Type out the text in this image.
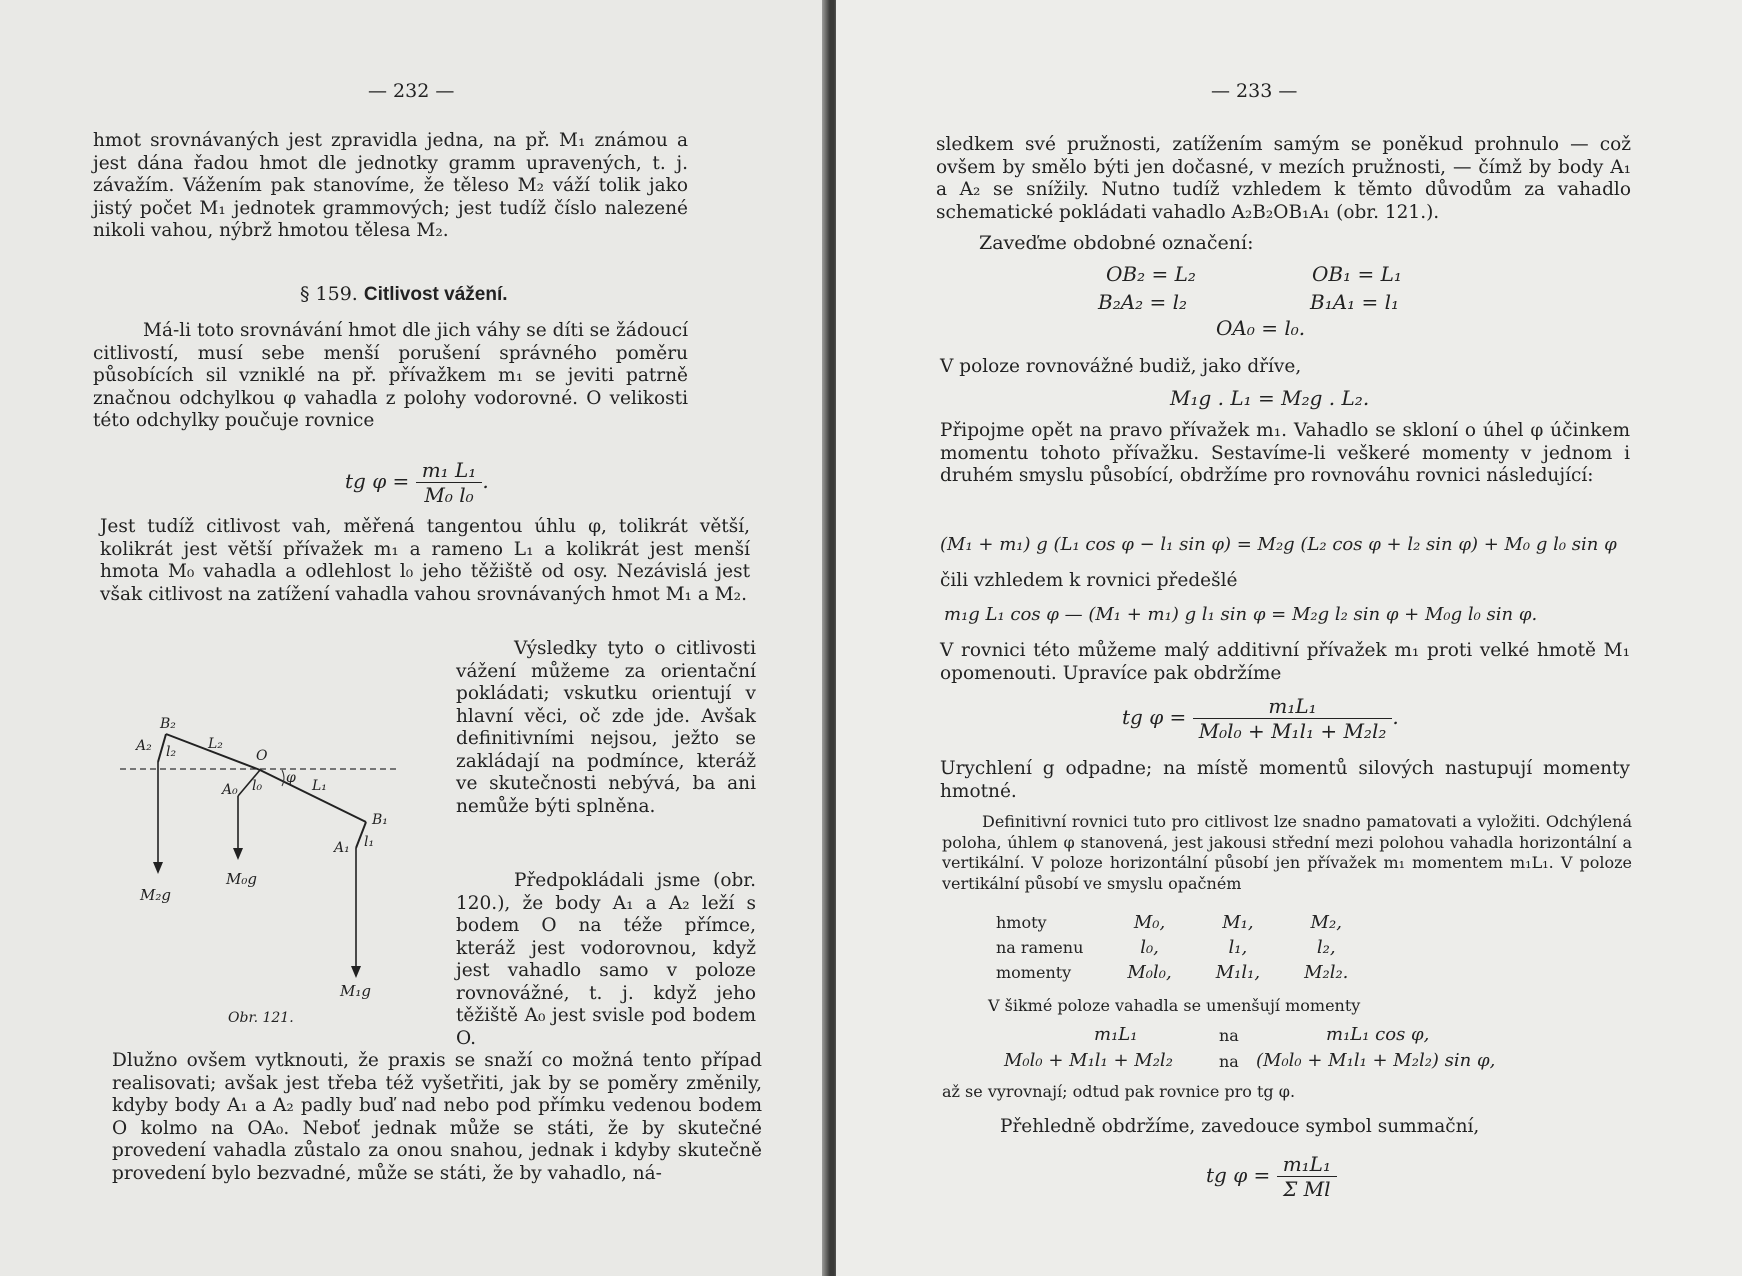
— 232 —
hmot srovnávaných jest zpravidla jedna, na př. M₁ známou a jest dána řadou hmot dle jednotky gramm upravených, t. j. závažím. Vážením pak stanovíme, že těleso M₂ váží tolik jako jistý počet M₁ jednotek grammových; jest tudíž číslo nalezené nikoli vahou, nýbrž hmotou tělesa M₂.
§ 159. Citlivost vážení.
Má-li toto srovnávání hmot dle jich váhy se díti se žádoucí citlivostí, musí sebe menší porušení správného poměru působících sil vzniklé na př. přívažkem m₁ se jeviti patrně značnou odchylkou φ vahadla z polohy vodorovné. O velikosti této odchylky poučuje rovnice
tg $\varphi = \frac{\text{m₁ L₁}}{\text{M₀ l₀}}$ .
Jest tudíž citlivost vah, měřená tangentou úhlu φ, tolikrát větší, kolikrát jest větší přívažek m₁ a rameno L₁ a kolikrát jest menší hmota M₀ vahadla a odlehlost l₀ jeho těžiště od osy. Nezávislá jest však citlivost na zatížení vahadla vahou srovnávaných hmot M₁ a M₂.
Výsledky tyto o citlivosti vážení můžeme za orientační pokládati; vskutku orientují v hlavní věci, oč zde jde. Avšak definitivními nejsou, ježto se zakládají na podmínce, kteráž ve skutečnosti nebývá, ba ani nemůže býti splněna.
Předpokládali jsme (obr. 120.), že body A₁ a A₂ leží s bodem O na téže přímce, kteráž jest vodorovnou, když jest vahadlo samo v poloze rovnovážné, t. j. když jeho těžiště A₀ jest svisle pod bodem O.
B₂
A₂ l₂ L₂
O
φ
A₀ l₀	L₁
B₁
A₁ l₁
M₂g
M₀g
M₁g
Obr. 121.
Dlužno ovšem vytknouti, že praxis se snaží co možná tento případ realisovati; avšak jest třeba též vyšetřiti, jak by se poměry změnily, kdyby body A₁ a A₂ padly buď nad nebo pod přímku vedenou bodem O kolmo na OA₀. Neboť jednak může se státi, že by skutečné provedení vahadla zůstalo za onou snahou, jednak i kdyby skutečně provedení bylo bezvadné, může se státi, že by vahadlo, ná-
— 233 —
sledkem své pružnosti, zatížením samým se poněkud prohnulo — což ovšem by smělo býti jen dočasné, v mezích pružnosti, — čímž by body A₁ a A₂ se snížily. Nutno tudíž vzhledem k těmto důvodům za vahadlo schematické pokládati vahadlo A₂B₂OB₁A₁ (obr. 121.).
Zaveďme obdobné označení:
OB₂ = L₂	OB₁ = L₁
B₂A₂ = l₂	B₁A₁ = l₁
OA₀ = l₀.
V poloze rovnovážné budiž, jako dříve,
M₁g . L₁ = M₂g . L₂.
Připojme opět na pravo přívažek m₁. Vahadlo se skloní o úhel φ účinkem momentu tohoto přívažku. Sestavíme-li veškeré momenty v jednom i druhém smyslu působící, obdržíme pro rovnováhu rovnici následující:
(M₁ + m₁) g (L₁ cos φ − l₁ sin φ) = M₂g (L₂ cos φ + l₂ sin φ) + M₀ g l₀ sin φ
čili vzhledem k rovnici předešlé
m₁g L₁ cos φ — (M₁ + m₁) g l₁ sin φ = M₂g l₂ sin φ + M₀g l₀ sin φ.
V rovnici této můžeme malý additivní přívažek m₁ proti velké hmotě M₁ opomenouti. Upravíce pak obdržíme
tg $\varphi = \frac{\text{m₁L₁}}{\text{M₀l₀ + M₁l₁ + M₂l₂}}$ .
Urychlení g odpadne; na místě momentů silových nastupují momenty hmotné.
Definitivní rovnici tuto pro citlivost lze snadno pamatovati a vyložiti. Odchýlená poloha, úhlem φ stanovená, jest jakousi střední mezi polohou vahadla horizontální a vertikální. V poloze horizontální působí jen přívažek m₁ momentem m₁L₁. V poloze vertikální působí ve smyslu opačném
hmoty	M₀,	M₁,	M₂,
na ramenu	l₀,	l₁,	l₂,
momenty	M₀l₀,	M₁l₁,	M₂l₂.
V šikmé poloze vahadla se umenšují momenty
m₁L₁	na	m₁L₁ cos φ,
M₀l₀ + M₁l₁ + M₂l₂	na (M₀l₀ + M₁l₁ + M₂l₂) sin φ,
až se vyrovnají; odtud pak rovnice pro tg φ.
Přehledně obdržíme, zavedouce symbol summační,
tg $\varphi = \frac{\text{m₁L₁}}{\text{Σ Ml}}$
